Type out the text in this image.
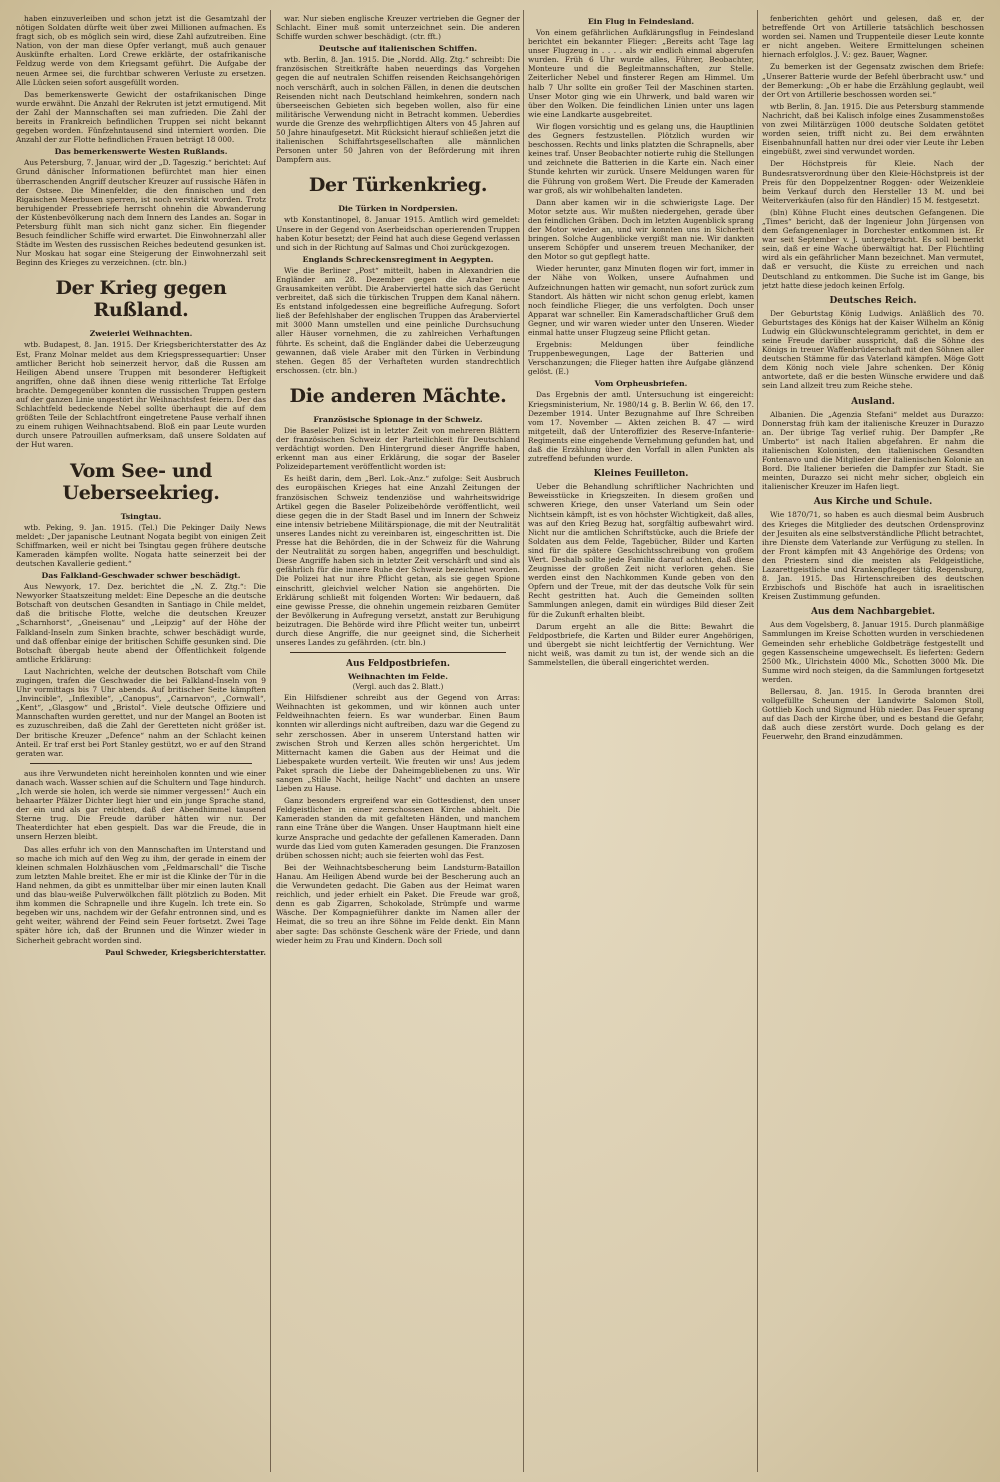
haben einzuverleiben und schon jetzt ist die Gesamtzahl der nötigen Soldaten dürfte weit über zwei Millionen aufmachen. Es fragt sich, ob es möglich sein wird, diese Zahl aufzutreiben. Eine Nation, von der man diese Opfer verlangt, muß auch genauer Auskünfte erhalten. Lord Crewe erklärte, der ostafrikanische Feldzug werde von dem Kriegsamt geführt. Die Aufgabe der neuen Armee sei, die furchtbar schweren Verluste zu ersetzen. Alle Lücken seien sofort ausgefüllt worden.

Das bemerkenswerte Gewicht der ostafrikanischen Dinge wurde erwähnt. Die Anzahl der Rekruten ist jetzt ermutigend. Mit der Zahl der Mannschaften sei man zufrieden. Die Zahl der bereits in Frankreich befindlichen Truppen sei nicht bekannt gegeben worden. Fünfzehntausend sind interniert worden. Die Anzahl der zur Flotte befindlichen Frauen beträgt 18 000.

Das bemerkenswerte Westen Rußlands.

Aus Petersburg, 7. Januar, wird der „D. Tageszig.“ berichtet: Auf Grund dänischer Informationen befürchtet man hier einen überraschenden Angriff deutscher Kreuzer auf russische Häfen in der Ostsee. Die Minenfelder, die den finnischen und den Rigaischen Meerbusen sperren, ist noch verstärkt worden. Trotz beruhigender Pressebriefe herrscht ohnehin die Abwanderung der Küstenbevölkerung nach dem Innern des Landes an. Sogar in Petersburg fühlt man sich nicht ganz sicher. Ein fliegender Besuch feindlicher Schiffe wird erwartet. Die Einwohnerzahl aller Städte im Westen des russischen Reiches bedeutend gesunken ist. Nur Moskau hat sogar eine Steigerung der Einwohnerzahl seit Beginn des Krieges zu verzeichnen. (ctr. bln.)

Der Krieg gegen Rußland.
Zweierlei Weihnachten.

wtb. Budapest, 8. Jan. 1915. Der Kriegsberichterstatter des Az Est, Franz Molnar meldet aus dem Kriegspressequartier: Unser amtlicher Bericht hob seinerzeit hervor, daß die Russen am Heiligen Abend unsere Truppen mit besonderer Heftigkeit angriffen, ohne daß ihnen diese wenig ritterliche Tat Erfolge brachte. Demgegenüber konnten die russischen Truppen gestern auf der ganzen Linie ungestört ihr Weihnachtsfest feiern. Der das Schlachtfeld bedeckende Nebel sollte überhaupt die auf dem größten Teile der Schlachtfront eingetretene Pause verhalf ihnen zu einem ruhigen Weihnachtsabend. Bloß ein paar Leute wurden durch unsere Patrouillen aufmerksam, daß unsere Soldaten auf der Hut waren.

Vom See- und Ueberseekrieg.
Tsingtau.

wtb. Peking, 9. Jan. 1915. (Tel.) Die Pekinger Daily News meldet: „Der japanische Leutnant Nogata begibt von einigen Zeit Schiffmarken, weil er nicht bei Tsingtau gegen frühere deutsche Kameraden kämpfen wollte. Nogata hatte seinerzeit bei der deutschen Kavallerie gedient.“

Das Falkland-Geschwader schwer beschädigt.

Aus Newyork, 17. Dez. berichtet die „N. Z. Ztg.“: Die Newyorker Staatszeitung meldet: Eine Depesche an die deutsche Botschaft von deutschen Gesandten in Santiago in Chile meldet, daß die britische Flotte, welche die deutschen Kreuzer „Scharnhorst“, „Gneisenau“ und „Leipzig“ auf der Höhe der Falkland-Inseln zum Sinken brachte, schwer beschädigt wurde, und daß offenbar einige der britischen Schiffe gesunken sind. Die Botschaft übergab heute abend der Öffentlichkeit folgende amtliche Erklärung:

Laut Nachrichten, welche der deutschen Botschaft vom Chile zugingen, trafen die Geschwader die bei Falkland-Inseln von 9 Uhr vormittags bis 7 Uhr abends. Auf britischer Seite kämpften „Invincible“, „Inflexible“, „Canopus“, „Carnarvon“, „Cornwall“, „Kent“, „Glasgow“ und „Bristol“. Viele deutsche Offiziere und Mannschaften wurden gerettet, und nur der Mangel an Booten ist es zuzuschreiben, daß die Zahl der Geretteten nicht größer ist. Der britische Kreuzer „Defence“ nahm an der Schlacht keinen Anteil. Er traf erst bei Port Stanley gestützt, wo er auf den Strand geraten war.

aus ihre Verwundeten nicht hereinholen konnten und wie einer danach wach. Wasser schien auf die Schultern und Tage hindurch. „Ich werde sie holen, ich werde sie nimmer vergessen!“ Auch ein behaarter Pfälzer Dichter liegt hier und ein junge Sprache stand, der ein und als gar reichten, daß der Abendhimmel tausend Sterne trug. Die Freude darüber hätten wir nur. Der Theaterdichter hat eben gespielt. Das war die Freude, die in unsern Herzen bleibt.

Das alles erfuhr ich von den Mannschaften im Unterstand und so mache ich mich auf den Weg zu ihm, der gerade in einem der kleinen schmalen Holzhäuschen vom „Feldmarschall“ die Tische zum letzten Mahle breitet. Ehe er mir ist die Klinke der Tür in die Hand nehmen, da gibt es unmittelbar über mir einen lauten Knall und das blau-weiße Pulverwölkchen fällt plötzlich zu Boden. Mit ihm kommen die Schrapnelle und ihre Kugeln. Ich trete ein. So begeben wir uns, nachdem wir der Gefahr entronnen sind, und es geht weiter, während der Feind sein Feuer fortsetzt. Zwei Tage später höre ich, daß der Brunnen und die Winzer wieder in Sicherheit gebracht worden sind.

Paul Schweder, Kriegsberichterstatter.

war. Nur sieben englische Kreuzer vertrieben die Gegner der Schlacht. Einer muß somit unterzeichnet sein. Die anderen Schiffe wurden schwer beschädigt. (ctr. fft.)

Deutsche auf italienischen Schiffen.

wtb. Berlin, 8. Jan. 1915. Die „Nordd. Allg. Ztg.“ schreibt: Die französischen Streitkräfte haben neuerdings das Vorgehen gegen die auf neutralen Schiffen reisenden Reichsangehörigen noch verschärft, auch in solchen Fällen, in denen die deutschen Reisenden nicht nach Deutschland heimkehren, sondern nach überseeischen Gebieten sich begeben wollen, also für eine militärische Verwendung nicht in Betracht kommen. Ueberdies wurde die Grenze des wehrpflichtigen Alters von 45 Jahren auf 50 Jahre hinaufgesetzt. Mit Rücksicht hierauf schließen jetzt die italienischen Schiffahrtsgesellschaften alle männlichen Personen unter 50 Jahren von der Beförderung mit ihren Dampfern aus.

Der Türkenkrieg.
Die Türken in Nordpersien.

wtb Konstantinopel, 8. Januar 1915. Amtlich wird gemeldet: Unsere in der Gegend von Aserbeidschan operierenden Truppen haben Kotur besetzt; der Feind hat auch diese Gegend verlassen und sich in der Richtung auf Salmas und Choi zurückgezogen.

Englands Schreckensregiment in Aegypten.

Wie die Berliner „Post“ mitteilt, haben in Alexandrien die Engländer am 28. Dezember gegen die Araber neue Grausamkeiten verübt. Die Araberviertel hatte sich das Gerücht verbreitet, daß sich die türkischen Truppen dem Kanal nähern. Es entstand infolgedessen eine begreifliche Aufregung. Sofort ließ der Befehlshaber der englischen Truppen das Araberviertel mit 3000 Mann umstellen und eine peinliche Durchsuchung aller Häuser vornehmen, die zu zahlreichen Verhaftungen führte. Es scheint, daß die Engländer dabei die Ueberzeugung gewannen, daß viele Araber mit den Türken in Verbindung stehen. Gegen 85 der Verhafteten wurden standrechtlich erschossen. (ctr. bln.)

Die anderen Mächte.
Französische Spionage in der Schweiz.

Die Baseler Polizei ist in letzter Zeit von mehreren Blättern der französischen Schweiz der Parteilichkeit für Deutschland verdächtigt worden. Den Hintergrund dieser Angriffe haben, erkennt man aus einer Erklärung, die sogar der Baseler Polizeidepartement veröffentlicht worden ist:

Es heißt darin, dem „Berl. Lok.-Anz.“ zufolge: Seit Ausbruch des europäischen Krieges hat eine Anzahl Zeitungen der französischen Schweiz tendenziöse und wahrheitswidrige Artikel gegen die Baseler Polizeibehörde veröffentlicht, weil diese gegen die in der Stadt Basel und im Innern der Schweiz eine intensiv betriebene Militärspionage, die mit der Neutralität unseres Landes nicht zu vereinbaren ist, eingeschritten ist. Die Presse hat die Behörden, die in der Schweiz für die Wahrung der Neutralität zu sorgen haben, angegriffen und beschuldigt. Diese Angriffe haben sich in letzter Zeit verschärft und sind als gefährlich für die innere Ruhe der Schweiz bezeichnet worden. Die Polizei hat nur ihre Pflicht getan, als sie gegen Spione einschritt, gleichviel welcher Nation sie angehörten. Die Erklärung schließt mit folgenden Worten: Wir bedauern, daß eine gewisse Presse, die ohnehin ungemein reizbaren Gemüter der Bevölkerung in Aufregung versetzt, anstatt zur Beruhigung beizutragen. Die Behörde wird ihre Pflicht weiter tun, unbeirrt durch diese Angriffe, die nur geeignet sind, die Sicherheit unseres Landes zu gefährden. (ctr. bln.)

Aus Feldpostbriefen.
Weihnachten im Felde.
(Vergl. auch das 2. Blatt.)

Ein Hilfsdiener schreibt aus der Gegend von Arras: Weihnachten ist gekommen, und wir können auch unter Feldweihnachten feiern. Es war wunderbar. Einen Baum konnten wir allerdings nicht auftreiben, dazu war die Gegend zu sehr zerschossen. Aber in unserem Unterstand hatten wir zwischen Stroh und Kerzen alles schön hergerichtet. Um Mitternacht kamen die Gaben aus der Heimat und die Liebespakete wurden verteilt. Wie freuten wir uns! Aus jedem Paket sprach die Liebe der Daheimgebliebenen zu uns. Wir sangen „Stille Nacht, heilige Nacht“ und dachten an unsere Lieben zu Hause.

Ganz besonders ergreifend war ein Gottesdienst, den unser Feldgeistlicher in einer zerschossenen Kirche abhielt. Die Kameraden standen da mit gefalteten Händen, und manchem rann eine Träne über die Wangen. Unser Hauptmann hielt eine kurze Ansprache und gedachte der gefallenen Kameraden. Dann wurde das Lied vom guten Kameraden gesungen. Die Franzosen drüben schossen nicht; auch sie feierten wohl das Fest.

Bei der Weihnachtsbescherung beim Landsturm-Bataillon Hanau. Am Heiligen Abend wurde bei der Bescherung auch an die Verwundeten gedacht. Die Gaben aus der Heimat waren reichlich, und jeder erhielt ein Paket. Die Freude war groß, denn es gab Zigarren, Schokolade, Strümpfe und warme Wäsche. Der Kompagnieführer dankte im Namen aller der Heimat, die so treu an ihre Söhne im Felde denkt. Ein Mann aber sagte: Das schönste Geschenk wäre der Friede, und dann wieder heim zu Frau und Kindern. Doch soll

Ein Flug in Feindesland.

Von einem gefährlichen Aufklärungsflug in Feindesland berichtet ein bekannter Flieger: „Bereits acht Tage lag unser Flugzeug in . . . . als wir endlich einmal abgerufen wurden. Früh 6 Uhr wurde alles, Führer, Beobachter, Monteure und die Begleitmannschaften, zur Stelle. Zeiterlicher Nebel und finsterer Regen am Himmel. Um halb 7 Uhr sollte ein großer Teil der Maschinen starten. Unser Motor ging wie ein Uhrwerk, und bald waren wir über den Wolken. Die feindlichen Linien unter uns lagen wie eine Landkarte ausgebreitet.

Wir flogen vorsichtig und es gelang uns, die Hauptlinien des Gegners festzustellen. Plötzlich wurden wir beschossen. Rechts und links platzten die Schrapnells, aber keines traf. Unser Beobachter notierte ruhig die Stellungen und zeichnete die Batterien in die Karte ein. Nach einer Stunde kehrten wir zurück. Unsere Meldungen waren für die Führung von großem Wert. Die Freude der Kameraden war groß, als wir wohlbehalten landeten.

Dann aber kamen wir in die schwierigste Lage. Der Motor setzte aus. Wir mußten niedergehen, gerade über den feindlichen Gräben. Doch im letzten Augenblick sprang der Motor wieder an, und wir konnten uns in Sicherheit bringen. Solche Augenblicke vergißt man nie. Wir dankten unserem Schöpfer und unserem treuen Mechaniker, der den Motor so gut gepflegt hatte.

Wieder herunter, ganz Minuten flogen wir fort, immer in der Nähe von Wolken, unsere Aufnahmen und Aufzeichnungen hatten wir gemacht, nun sofort zurück zum Standort. Als hätten wir nicht schon genug erlebt, kamen noch feindliche Flieger, die uns verfolgten. Doch unser Apparat war schneller. Ein Kameradschaftlicher Gruß dem Gegner, und wir waren wieder unter den Unseren. Wieder einmal hatte unser Flugzeug seine Pflicht getan.

Ergebnis: Meldungen über feindliche Truppenbewegungen, Lage der Batterien und Verschanzungen; die Flieger hatten ihre Aufgabe glänzend gelöst. (E.)

Vom Orpheusbriefen.

Das Ergebnis der amtl. Untersuchung ist eingereicht: Kriegsministerium, Nr. 1980/14 g. B. Berlin W. 66, den 17. Dezember 1914. Unter Bezugnahme auf Ihre Schreiben vom 17. November — Akten zeichen B. 47 — wird mitgeteilt, daß der Unteroffizier des Reserve-Infanterie-Regiments eine eingehende Vernehmung gefunden hat, und daß die Erzählung über den Vorfall in allen Punkten als zutreffend befunden wurde.

Kleines Feuilleton.

Ueber die Behandlung schriftlicher Nachrichten und Beweisstücke in Kriegszeiten. In diesem großen und schweren Kriege, den unser Vaterland um Sein oder Nichtsein kämpft, ist es von höchster Wichtigkeit, daß alles, was auf den Krieg Bezug hat, sorgfältig aufbewahrt wird. Nicht nur die amtlichen Schriftstücke, auch die Briefe der Soldaten aus dem Felde, Tagebücher, Bilder und Karten sind für die spätere Geschichtsschreibung von großem Wert. Deshalb sollte jede Familie darauf achten, daß diese Zeugnisse der großen Zeit nicht verloren gehen. Sie werden einst den Nachkommen Kunde geben von den Opfern und der Treue, mit der das deutsche Volk für sein Recht gestritten hat. Auch die Gemeinden sollten Sammlungen anlegen, damit ein würdiges Bild dieser Zeit für die Zukunft erhalten bleibt.

Darum ergeht an alle die Bitte: Bewahrt die Feldpostbriefe, die Karten und Bilder eurer Angehörigen, und übergebt sie nicht leichtfertig der Vernichtung. Wer nicht weiß, was damit zu tun ist, der wende sich an die Sammelstellen, die überall eingerichtet werden.

fenberichten gehört und gelesen, daß er, der betreffende Ort von Artillerie tatsächlich beschossen worden sei. Namen und Truppenteile dieser Leute konnte er nicht angeben. Weitere Ermittelungen scheinen hiernach erfolglos. J. V.: gez. Bauer, Wagner.

Zu bemerken ist der Gegensatz zwischen dem Briefe: „Unserer Batterie wurde der Befehl überbracht usw.“ und der Bemerkung: „Ob er habe die Erzählung geglaubt, weil der Ort von Artillerie beschossen worden sei.“

wtb Berlin, 8. Jan. 1915. Die aus Petersburg stammende Nachricht, daß bei Kalisch infolge eines Zusammenstoßes von zwei Militärzügen 1000 deutsche Soldaten getötet worden seien, trifft nicht zu. Bei dem erwähnten Eisenbahnunfall hatten nur drei oder vier Leute ihr Leben eingebüßt, zwei sind verwundet worden.

Der Höchstpreis für Kleie. Nach der Bundesratsverordnung über den Kleie-Höchstpreis ist der Preis für den Doppelzentner Roggen- oder Weizenkleie beim Verkauf durch den Hersteller 13 M. und bei Weiterverkäufen (also für den Händler) 15 M. festgesetzt.

(bln) Kühne Flucht eines deutschen Gefangenen. Die „Times“ bericht, daß der Ingenieur John Jürgensen von dem Gefangenenlager in Dorchester entkommen ist. Er war seit September v. J. untergebracht. Es soll bemerkt sein, daß er eine Wache überwältigt hat. Der Flüchtling wird als ein gefährlicher Mann bezeichnet. Man vermutet, daß er versucht, die Küste zu erreichen und nach Deutschland zu entkommen. Die Suche ist im Gange, bis jetzt hatte diese jedoch keinen Erfolg.

Deutsches Reich.

Der Geburtstag König Ludwigs. Anläßlich des 70. Geburtstages des Königs hat der Kaiser Wilhelm an König Ludwig ein Glückwunschtelegramm gerichtet, in dem er seine Freude darüber ausspricht, daß die Söhne des Königs in treuer Waffenbrüderschaft mit den Söhnen aller deutschen Stämme für das Vaterland kämpfen. Möge Gott dem König noch viele Jahre schenken. Der König antwortete, daß er die besten Wünsche erwidere und daß sein Land allzeit treu zum Reiche stehe.

Ausland.

Albanien. Die „Agenzia Stefani“ meldet aus Durazzo: Donnerstag früh kam der italienische Kreuzer in Durazzo an. Der übrige Tag verlief ruhig. Der Dampfer „Re Umberto“ ist nach Italien abgefahren. Er nahm die italienischen Kolonisten, den italienischen Gesandten Fontenavo und die Mitglieder der italienischen Kolonie an Bord. Die Italiener beriefen die Dampfer zur Stadt. Sie meinten, Durazzo sei nicht mehr sicher, obgleich ein italienischer Kreuzer im Hafen liegt.

Aus Kirche und Schule.

Wie 1870/71, so haben es auch diesmal beim Ausbruch des Krieges die Mitglieder des deutschen Ordensprovinz der Jesuiten als eine selbstverständliche Pflicht betrachtet, ihre Dienste dem Vaterlande zur Verfügung zu stellen. In der Front kämpfen mit 43 Angehörige des Ordens; von den Priestern sind die meisten als Feldgeistliche, Lazarettgeistliche und Krankenpfleger tätig. Regensburg, 8. Jan. 1915. Das Hirtenschreiben des deutschen Erzbischofs und Bischöfe hat auch in israelitischen Kreisen Zustimmung gefunden.

Aus dem Nachbargebiet.

Aus dem Vogelsberg, 8. Januar 1915. Durch planmäßige Sammlungen im Kreise Schotten wurden in verschiedenen Gemeinden sehr erhebliche Goldbeträge festgestellt und gegen Kassenscheine umgewechselt. Es lieferten: Gedern 2500 Mk., Ulrichstein 4000 Mk., Schotten 3000 Mk. Die Summe wird noch steigen, da die Sammlungen fortgesetzt werden.

Bellersau, 8. Jan. 1915. In Geroda brannten drei vollgefüllte Scheunen der Landwirte Salomon Stoll, Gottlieb Koch und Sigmund Hüb nieder. Das Feuer sprang auf das Dach der Kirche über, und es bestand die Gefahr, daß auch diese zerstört wurde. Doch gelang es der Feuerwehr, den Brand einzudämmen.
